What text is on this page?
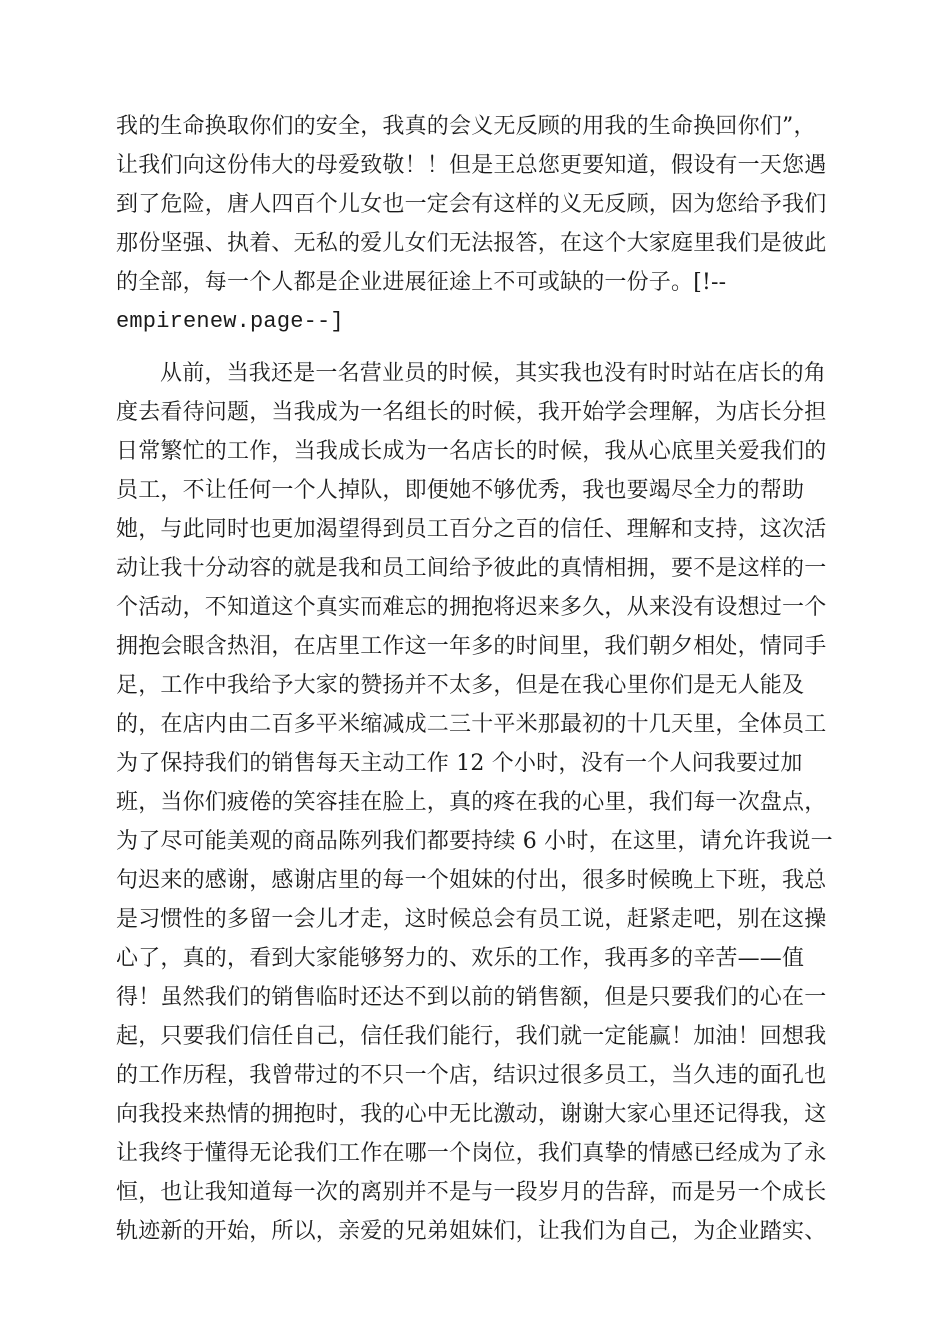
我的生命换取你们的安全，我真的会义无反顾的用我的生命换回你们”，
让我们向这份伟大的母爱致敬！！但是王总您更要知道，假设有一天您遇
到了危险，唐人四百个儿女也一定会有这样的义无反顾，因为您给予我们
那份坚强、执着、无私的爱儿女们无法报答，在这个大家庭里我们是彼此
的全部，每一个人都是企业进展征途上不可或缺的一份子。[!--
empirenew.page--]
从前，当我还是一名营业员的时候，其实我也没有时时站在店长的角
度去看待问题，当我成为一名组长的时候，我开始学会理解，为店长分担
日常繁忙的工作，当我成长成为一名店长的时候，我从心底里关爱我们的
员工，不让任何一个人掉队，即便她不够优秀，我也要竭尽全力的帮助
她，与此同时也更加渴望得到员工百分之百的信任、理解和支持，这次活
动让我十分动容的就是我和员工间给予彼此的真情相拥，要不是这样的一
个活动，不知道这个真实而难忘的拥抱将迟来多久，从来没有设想过一个
拥抱会眼含热泪，在店里工作这一年多的时间里，我们朝夕相处，情同手
足，工作中我给予大家的赞扬并不太多，但是在我心里你们是无人能及
的，在店内由二百多平米缩减成二三十平米那最初的十几天里，全体员工
为了保持我们的销售每天主动工作 12 个小时，没有一个人问我要过加
班，当你们疲倦的笑容挂在脸上，真的疼在我的心里，我们每一次盘点，
为了尽可能美观的商品陈列我们都要持续 6 小时，在这里，请允许我说一
句迟来的感谢，感谢店里的每一个姐妹的付出，很多时候晚上下班，我总
是习惯性的多留一会儿才走，这时候总会有员工说，赶紧走吧，别在这操
心了，真的，看到大家能够努力的、欢乐的工作，我再多的辛苦——值
得！虽然我们的销售临时还达不到以前的销售额，但是只要我们的心在一
起，只要我们信任自己，信任我们能行，我们就一定能赢！加油！回想我
的工作历程，我曾带过的不只一个店，结识过很多员工，当久违的面孔也
向我投来热情的拥抱时，我的心中无比激动，谢谢大家心里还记得我，这
让我终于懂得无论我们工作在哪一个岗位，我们真挚的情感已经成为了永
恒，也让我知道每一次的离别并不是与一段岁月的告辞，而是另一个成长
轨迹新的开始，所以，亲爱的兄弟姐妹们，让我们为自己，为企业踏实、
